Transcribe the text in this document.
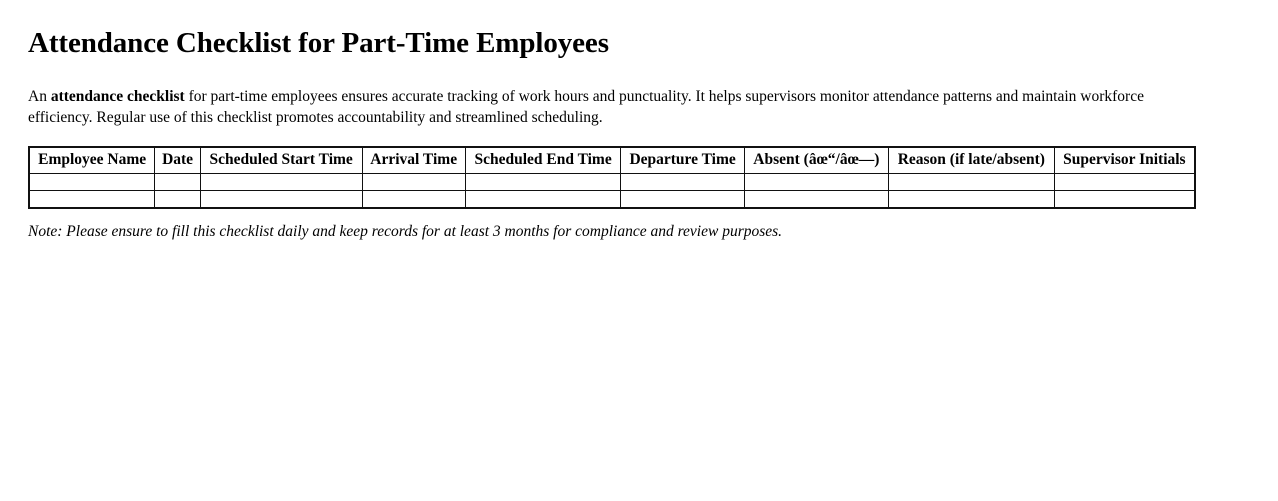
Attendance Checklist for Part-Time Employees

An attendance checklist for part-time employees ensures accurate tracking of work hours and punctuality. It helps supervisors monitor attendance patterns and maintain workforce efficiency. Regular use of this checklist promotes accountability and streamlined scheduling.

Employee Name	Date	Scheduled Start Time	Arrival Time	Scheduled End Time	Departure Time	Absent (âœ“/âœ—)	Reason (if late/absent)	Supervisor Initials

Note: Please ensure to fill this checklist daily and keep records for at least 3 months for compliance and review purposes.
